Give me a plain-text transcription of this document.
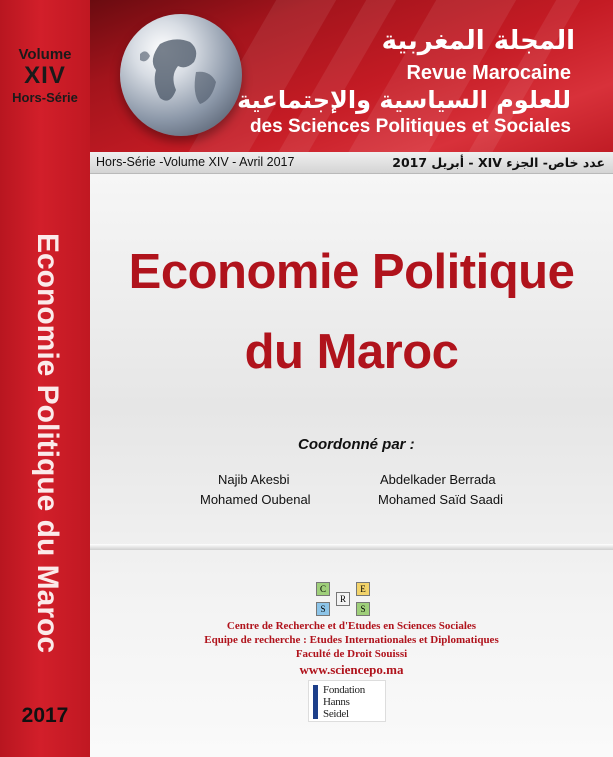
Volume
XIV
Hors-Série
Economie Politique du Maroc
2017
المجلة المغربية
Revue Marocaine
للعلوم السياسية والإجتماعية
des Sciences Politiques et Sociales
Hors-Série -Volume XIV - Avril 2017	عدد خاص- الجزء XIV - أبريل 2017
Economie Politique
du Maroc
Coordonné par :
Najib Akesbi	Abdelkader Berrada
Mohamed Oubenal	Mohamed Saïd Saadi
C	E
R
S	S
Centre de Recherche et d'Etudes en Sciences Sociales
Equipe de recherche : Etudes Internationales et Diplomatiques
Faculté de Droit Souissi
www.sciencepo.ma
Fondation
Hanns
Seidel
